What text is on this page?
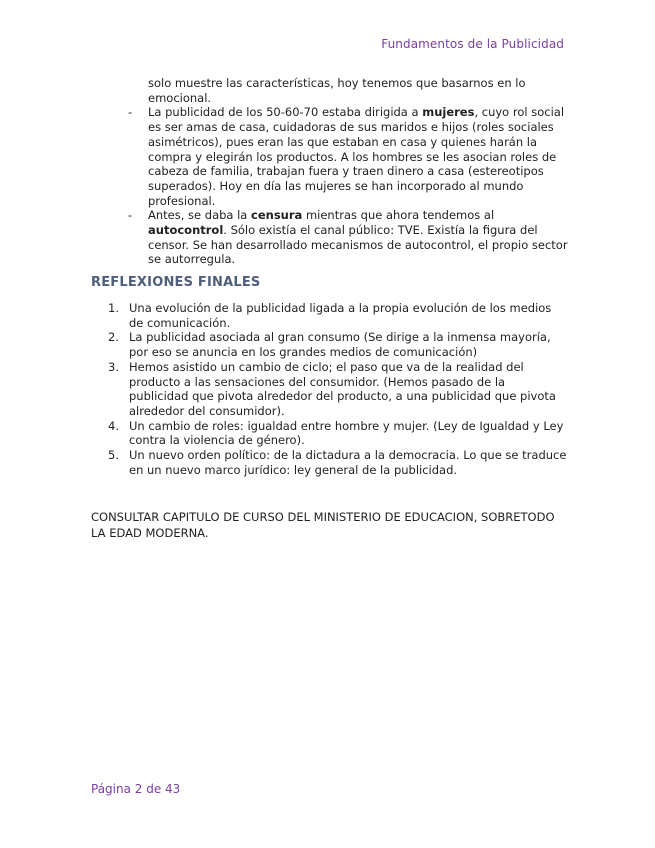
Fundamentos de la Publicidad
solo muestre las características, hoy tenemos que basarnos en lo emocional.
- La publicidad de los 50-60-70 estaba dirigida a mujeres, cuyo rol social es ser amas de casa, cuidadoras de sus maridos e hijos (roles sociales asimétricos), pues eran las que estaban en casa y quienes harán la compra y elegirán los productos. A los hombres se les asocian roles de cabeza de familia, trabajan fuera y traen dinero a casa (estereotipos superados). Hoy en día las mujeres se han incorporado al mundo profesional.
- Antes, se daba la censura mientras que ahora tendemos al autocontrol. Sólo existía el canal público: TVE. Existía la figura del censor. Se han desarrollado mecanismos de autocontrol, el propio sector se autorregula.
REFLEXIONES FINALES
1. Una evolución de la publicidad ligada a la propia evolución de los medios de comunicación.
2. La publicidad asociada al gran consumo (Se dirige a la inmensa mayoría, por eso se anuncia en los grandes medios de comunicación)
3. Hemos asistido un cambio de ciclo; el paso que va de la realidad del producto a las sensaciones del consumidor. (Hemos pasado de la publicidad que pivota alrededor del producto, a una publicidad que pivota alrededor del consumidor).
4. Un cambio de roles: igualdad entre hombre y mujer. (Ley de Igualdad y Ley contra la violencia de género).
5. Un nuevo orden político: de la dictadura a la democracia. Lo que se traduce en un nuevo marco jurídico: ley general de la publicidad.
CONSULTAR CAPITULO DE CURSO DEL MINISTERIO DE EDUCACION, SOBRETODO LA EDAD MODERNA.
Página 2 de 43
